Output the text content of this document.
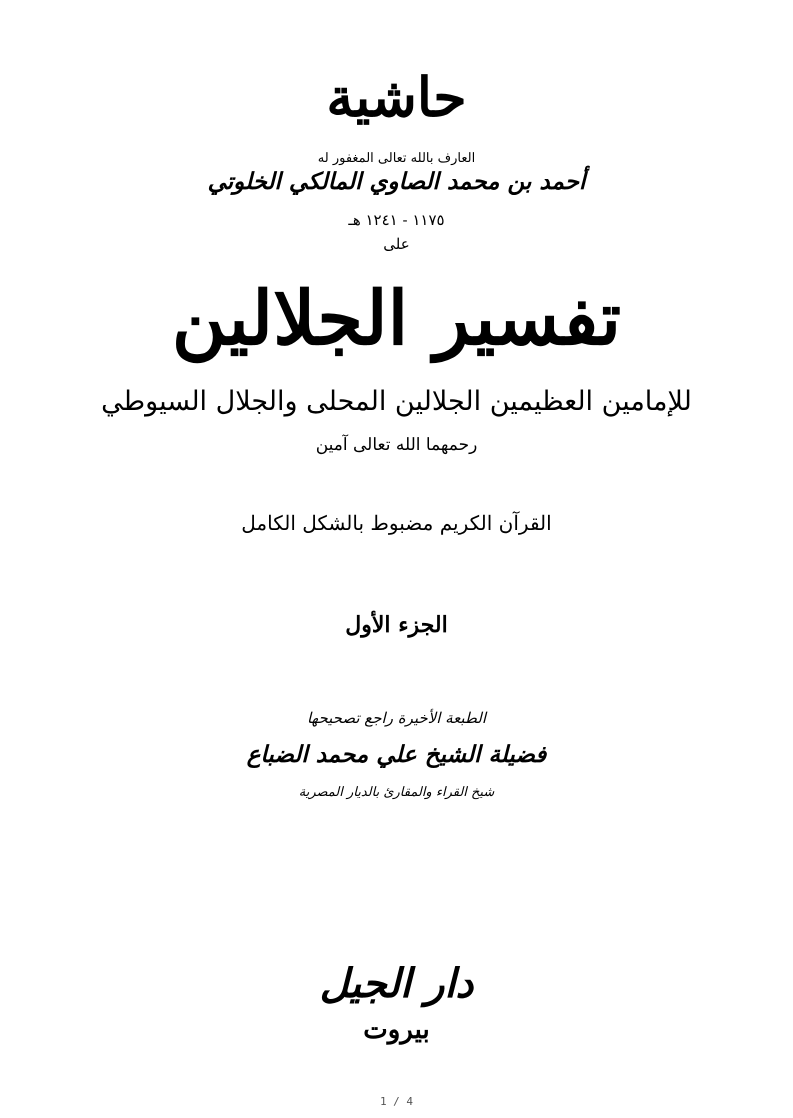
حاشية
العارف بالله تعالى المغفور له
أحمد بن محمد الصاوي المالكي الخلوتي
١١٧٥ - ١٢٤١ هـ
على
تفسير الجلالين
للإمامين العظيمين الجلالين المحلى والجلال السيوطي
رحمهما الله تعالى آمين
القرآن الكريم مضبوط بالشكل الكامل
الجزء الأول
الطبعة الأخيرة راجع تصحيحها
فضيلة الشيخ علي محمد الضباع
شيخ القراء والمقارئ بالديار المصرية
دار الجيل
بيروت
1 / 4
